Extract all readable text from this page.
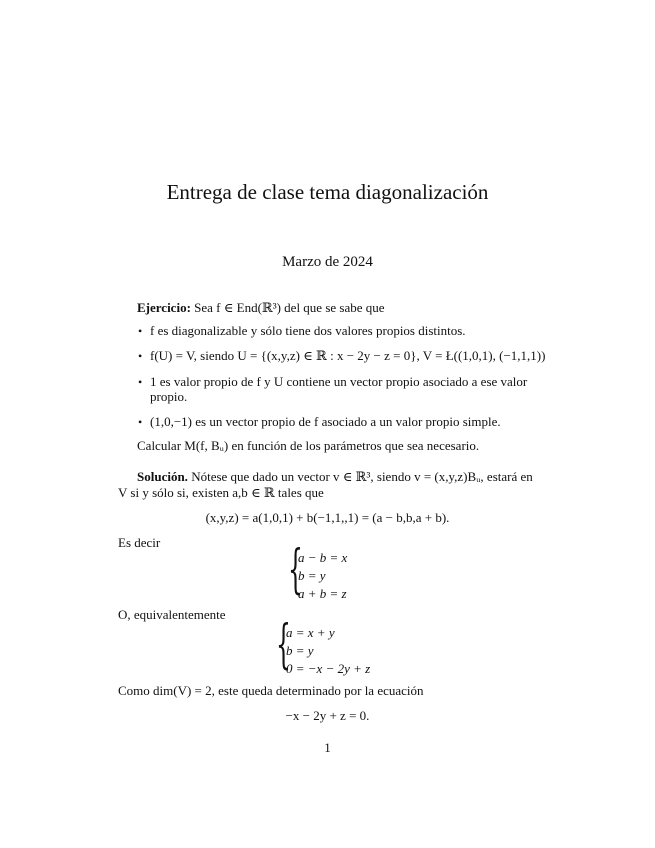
Entrega de clase tema diagonalización
Marzo de 2024
Ejercicio: Sea f ∈ End(ℝ³) del que se sabe que
• f es diagonalizable y sólo tiene dos valores propios distintos.
• f(U) = V, siendo U = {(x,y,z) ∈ ℝ : x − 2y − z = 0}, V = Ł((1,0,1), (−1,1,1))
• 1 es valor propio de f y U contiene un vector propio asociado a ese valor
propio.
• (1,0,−1) es un vector propio de f asociado a un valor propio simple.
Calcular M(f, Bᵤ) en función de los parámetros que sea necesario.
Solución. Nótese que dado un vector v ∈ ℝ³, siendo v = (x,y,z)Bᵤ, estará en
V si y sólo si, existen a,b ∈ ℝ tales que
(x,y,z) = a(1,0,1) + b(−1,1,,1) = (a − b,b,a + b).
Es decir {
a − b = x
b = y
a + b = z
O, equivalentemente
{
a = x + y
b = y
0 = −x − 2y + z
Como dim(V) = 2, este queda determinado por la ecuación
−x − 2y + z = 0.
1
